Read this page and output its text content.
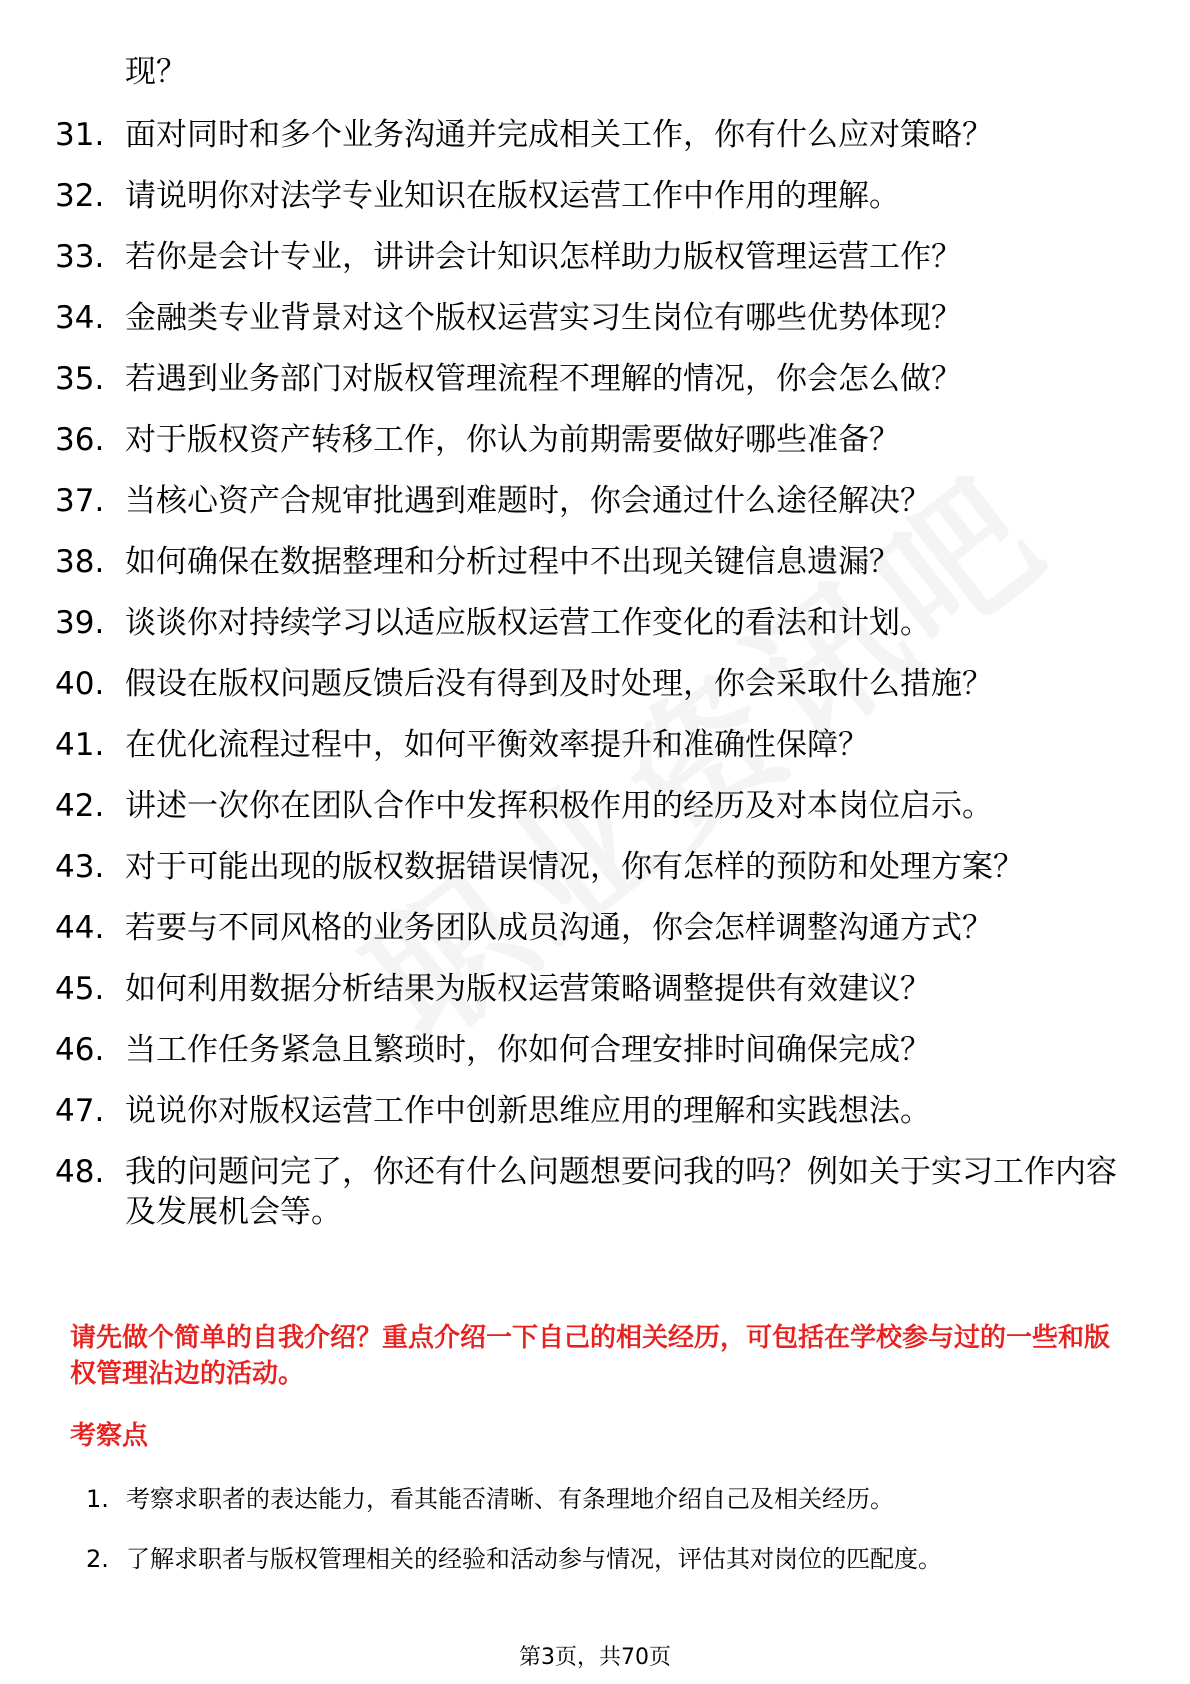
现？
31. 面对同时和多个业务沟通并完成相关工作，你有什么应对策略？
32. 请说明你对法学专业知识在版权运营工作中作用的理解。
33. 若你是会计专业，讲讲会计知识怎样助力版权管理运营工作？
34. 金融类专业背景对这个版权运营实习生岗位有哪些优势体现？
35. 若遇到业务部门对版权管理流程不理解的情况，你会怎么做？
36. 对于版权资产转移工作，你认为前期需要做好哪些准备？
37. 当核心资产合规审批遇到难题时，你会通过什么途径解决？
38. 如何确保在数据整理和分析过程中不出现关键信息遗漏？
39. 谈谈你对持续学习以适应版权运营工作变化的看法和计划。
40. 假设在版权问题反馈后没有得到及时处理，你会采取什么措施？
41. 在优化流程过程中，如何平衡效率提升和准确性保障？
42. 讲述一次你在团队合作中发挥积极作用的经历及对本岗位启示。
43. 对于可能出现的版权数据错误情况，你有怎样的预防和处理方案？
44. 若要与不同风格的业务团队成员沟通，你会怎样调整沟通方式？
45. 如何利用数据分析结果为版权运营策略调整提供有效建议？
46. 当工作任务紧急且繁琐时，你如何合理安排时间确保完成？
47. 说说你对版权运营工作中创新思维应用的理解和实践想法。
48. 我的问题问完了，你还有什么问题想要问我的吗？例如关于实习工作内容及发展机会等。
请先做个简单的自我介绍？重点介绍一下自己的相关经历，可包括在学校参与过的一些和版权管理沾边的活动。
考察点
1. 考察求职者的表达能力，看其能否清晰、有条理地介绍自己及相关经历。
2. 了解求职者与版权管理相关的经验和活动参与情况，评估其对岗位的匹配度。
第3页，共70页
